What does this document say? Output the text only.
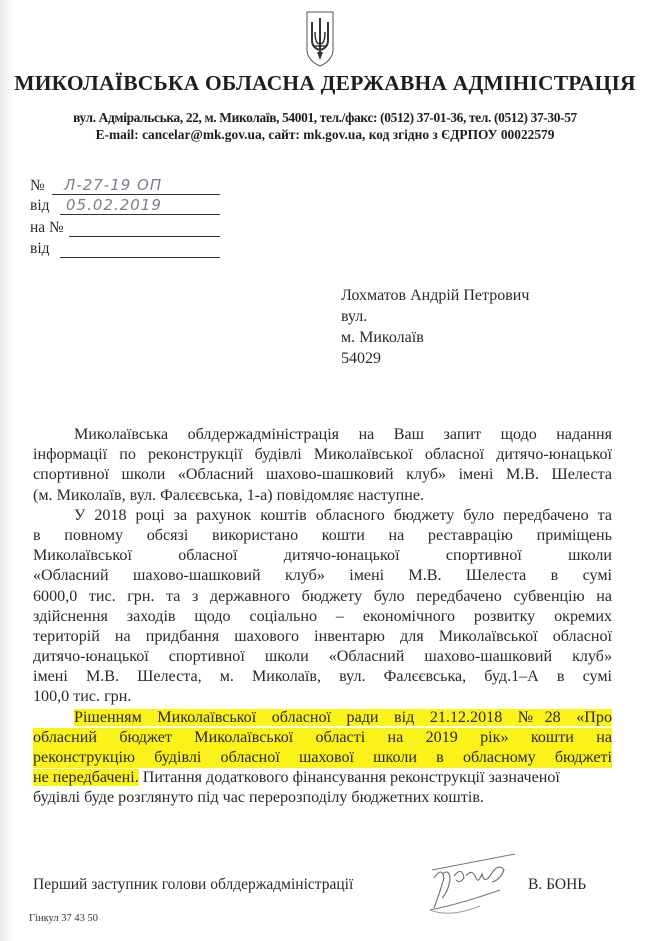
МИКОЛАЇВСЬКА ОБЛАСНА ДЕРЖАВНА АДМІНІСТРАЦІЯ
вул. Адміральська, 22, м. Миколаїв, 54001, тел./факс: (0512) 37-01-36, тел. (0512) 37-30-57
E-mail: cancelar@mk.gov.ua, сайт: mk.gov.ua, код згідно з ЄДРПОУ 00022579
№ Л-27-19 ОП
від 05.02.2019
на №
від
Лохматов Андрій Петрович
вул.
м. Миколаїв
54029
Миколаївська облдержадміністрація на Ваш запит щодо надання
інформації по реконструкції будівлі Миколаївської обласної дитячо-юнацької
спортивної школи «Обласний шахово-шашковий клуб» імені М.В. Шелеста
(м. Миколаїв, вул. Фалєєвська, 1-а) повідомляє наступне.
У 2018 році за рахунок коштів обласного бюджету було передбачено та
в повному обсязі використано кошти на реставрацію приміщень
Миколаївської обласної дитячо-юнацької спортивної школи
«Обласний шахово-шашковий клуб» імені М.В. Шелеста в сумі
6000,0 тис. грн. та з державного бюджету було передбачено субвенцію на
здійснення заходів щодо соціально – економічного розвитку окремих
територій на придбання шахового інвентарю для Миколаївської обласної
дитячо-юнацької спортивної школи «Обласний шахово-шашковий клуб»
імені М.В. Шелеста, м. Миколаїв, вул. Фалєєвська, буд.1–А в сумі
100,0 тис. грн.
Рішенням Миколаївської обласної ради від 21.12.2018 №28 «Про
обласний бюджет Миколаївської області на 2019 рік» кошти на
реконструкцію будівлі обласної шахової школи в обласному бюджеті
не передбачені. Питання додаткового фінансування реконструкції зазначеної
будівлі буде розглянуто під час перерозподілу бюджетних коштів.
Перший заступник голови облдержадміністрації	В. БОНЬ
Гінкул 37 43 50
